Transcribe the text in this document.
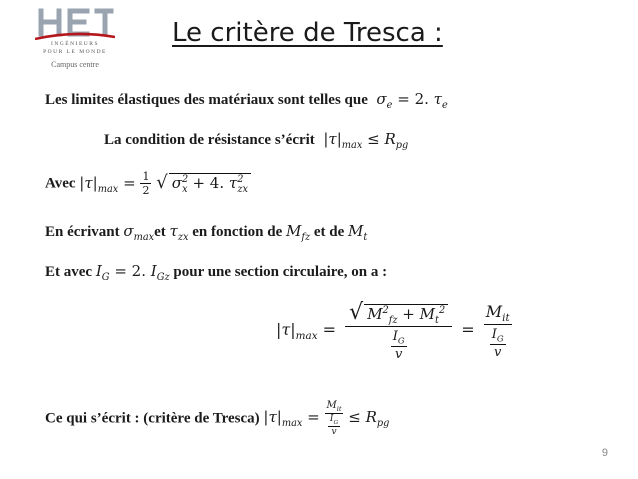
INGÉNIEURS
POUR LE MONDE
Campus centre
Le critère de Tresca :
Les limites élastiques des matériaux sont telles que  $\sigma_e = 2$. $\tau_e$
La condition de résistance s’écrit $|\tau|_{max} \le R_{pg}$
Avec $|\tau|_{max} = \frac{1}{2}$ √ $\sigma^2_x + 4$. $\tau^2_{zx}$
En écrivant $\sigma_{max}et$ $\tau_{zx}$ en fonction de $M_{fz}$ et de $M_t$
Et avec $I_G = 2$. $I_{Gz}$ pour une section circulaire, on a :
$|\tau|_{max} = \frac{√ M^2_{fz} + M_t^2}{\frac{I_G}{v}} = \frac{M_{it}}{\frac{I_G}{v}}$
Ce qui s’écrit : (critère de Tresca) $|\tau|_{max} = \frac{M_{it}}{\frac{I_G}{v}} \le R_{pg}$
9
